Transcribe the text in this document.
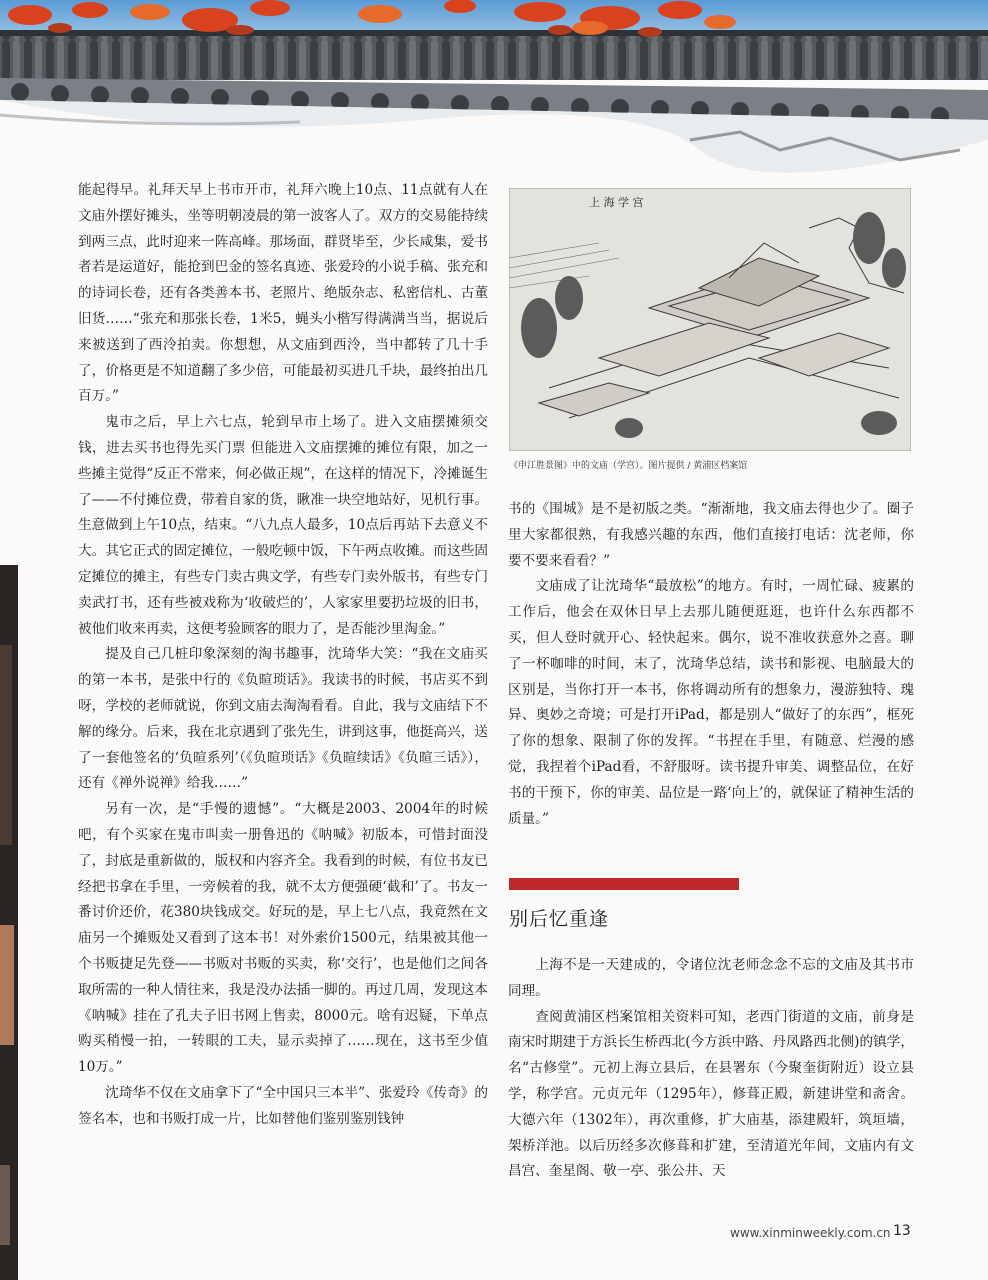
能起得早。礼拜天早上书市开市，礼拜六晚上10点、11点就有人在文庙外摆好摊头，坐等明朝凌晨的第一波客人了。双方的交易能持续到两三点，此时迎来一阵高峰。那场面，群贤毕至，少长咸集，爱书者若是运道好，能抢到巴金的签名真迹、张爱玲的小说手稿、张充和的诗词长卷，还有各类善本书、老照片、绝版杂志、私密信札、古董旧货……“张充和那张长卷，1米5，蝇头小楷写得满满当当，据说后来被送到了西泠拍卖。你想想，从文庙到西泠，当中都转了几十手了，价格更是不知道翻了多少倍，可能最初买进几千块，最终拍出几百万。”

鬼市之后，早上六七点，轮到早市上场了。进入文庙摆摊须交钱，进去买书也得先买门票 但能进入文庙摆摊的摊位有限，加之一些摊主觉得“反正不常来，何必做正规”，在这样的情况下，冷摊诞生了——不付摊位费，带着自家的货，瞅准一块空地站好，见机行事。生意做到上午10点，结束。“八九点人最多，10点后再站下去意义不大。其它正式的固定摊位，一般吃顿中饭，下午两点收摊。而这些固定摊位的摊主，有些专门卖古典文学，有些专门卖外版书，有些专门卖武打书，还有些被戏称为‘收破烂的’，人家家里要扔垃圾的旧书，被他们收来再卖，这便考验顾客的眼力了，是否能沙里淘金。”

提及自己几桩印象深刻的淘书趣事，沈琦华大笑：“我在文庙买的第一本书，是张中行的《负暄琐话》。我读书的时候，书店买不到呀，学校的老师就说，你到文庙去淘淘看看。自此，我与文庙结下不解的缘分。后来，我在北京遇到了张先生，讲到这事，他挺高兴，送了一套他签名的‘负暄系列’（《负暄琐话》《负暄续话》《负暄三话》），还有《禅外说禅》给我……”

另有一次，是“手慢的遗憾”。“大概是2003、2004年的时候吧，有个买家在鬼市叫卖一册鲁迅的《呐喊》初版本，可惜封面没了，封底是重新做的，版权和内容齐全。我看到的时候，有位书友已经把书拿在手里，一旁候着的我，就不太方便强硬‘截和’了。书友一番讨价还价，花380块钱成交。好玩的是，早上七八点，我竟然在文庙另一个摊贩处又看到了这本书！对外索价1500元，结果被其他一个书贩捷足先登——书贩对书贩的买卖，称‘交行’，也是他们之间各取所需的一种人情往来，我是没办法插一脚的。再过几周，发现这本《呐喊》挂在了孔夫子旧书网上售卖，8000元。啥有迟疑，下单点购买稍慢一拍，一转眼的工夫，显示卖掉了……现在，这书至少值10万。”

沈琦华不仅在文庙拿下了“全中国只三本半”、张爱玲《传奇》的签名本，也和书贩打成一片，比如替他们鉴别鉴别钱钟

上 海 学 宫
《申江胜景图》中的文庙（学宫）。图片提供 / 黄浦区档案馆

书的《围城》是不是初版之类。“渐渐地，我文庙去得也少了。圈子里大家都很熟，有我感兴趣的东西，他们直接打电话：沈老师，你要不要来看看？”

文庙成了让沈琦华“最放松”的地方。有时，一周忙碌、疲累的工作后，他会在双休日早上去那儿随便逛逛，也许什么东西都不买，但人登时就开心、轻快起来。偶尔，说不准收获意外之喜。聊了一杯咖啡的时间，末了，沈琦华总结，读书和影视、电脑最大的区别是，当你打开一本书，你将调动所有的想象力，漫游独特、瑰异、奥妙之奇境；可是打开iPad，都是别人“做好了的东西”，框死了你的想象、限制了你的发挥。“书捏在手里，有随意、烂漫的感觉，我捏着个iPad看，不舒服呀。读书提升审美、调整品位，在好书的干预下，你的审美、品位是一路‘向上’的，就保证了精神生活的质量。”

别后忆重逢

上海不是一天建成的，令诸位沈老师念念不忘的文庙及其书市同理。

查阅黄浦区档案馆相关资料可知，老西门街道的文庙，前身是南宋时期建于方浜长生桥西北(今方浜中路、丹凤路西北侧)的镇学，名“古修堂”。元初上海立县后，在县署东（今聚奎街附近）设立县学，称学宫。元贞元年（1295年），修葺正殿，新建讲堂和斋舍。大德六年（1302年），再次重修，扩大庙基，添建殿轩，筑垣墙，架桥洋池。以后历经多次修葺和扩建，至清道光年间，文庙内有文昌宫、奎星阁、敬一亭、张公井、天

www.xinminweekly.com.cn 13
